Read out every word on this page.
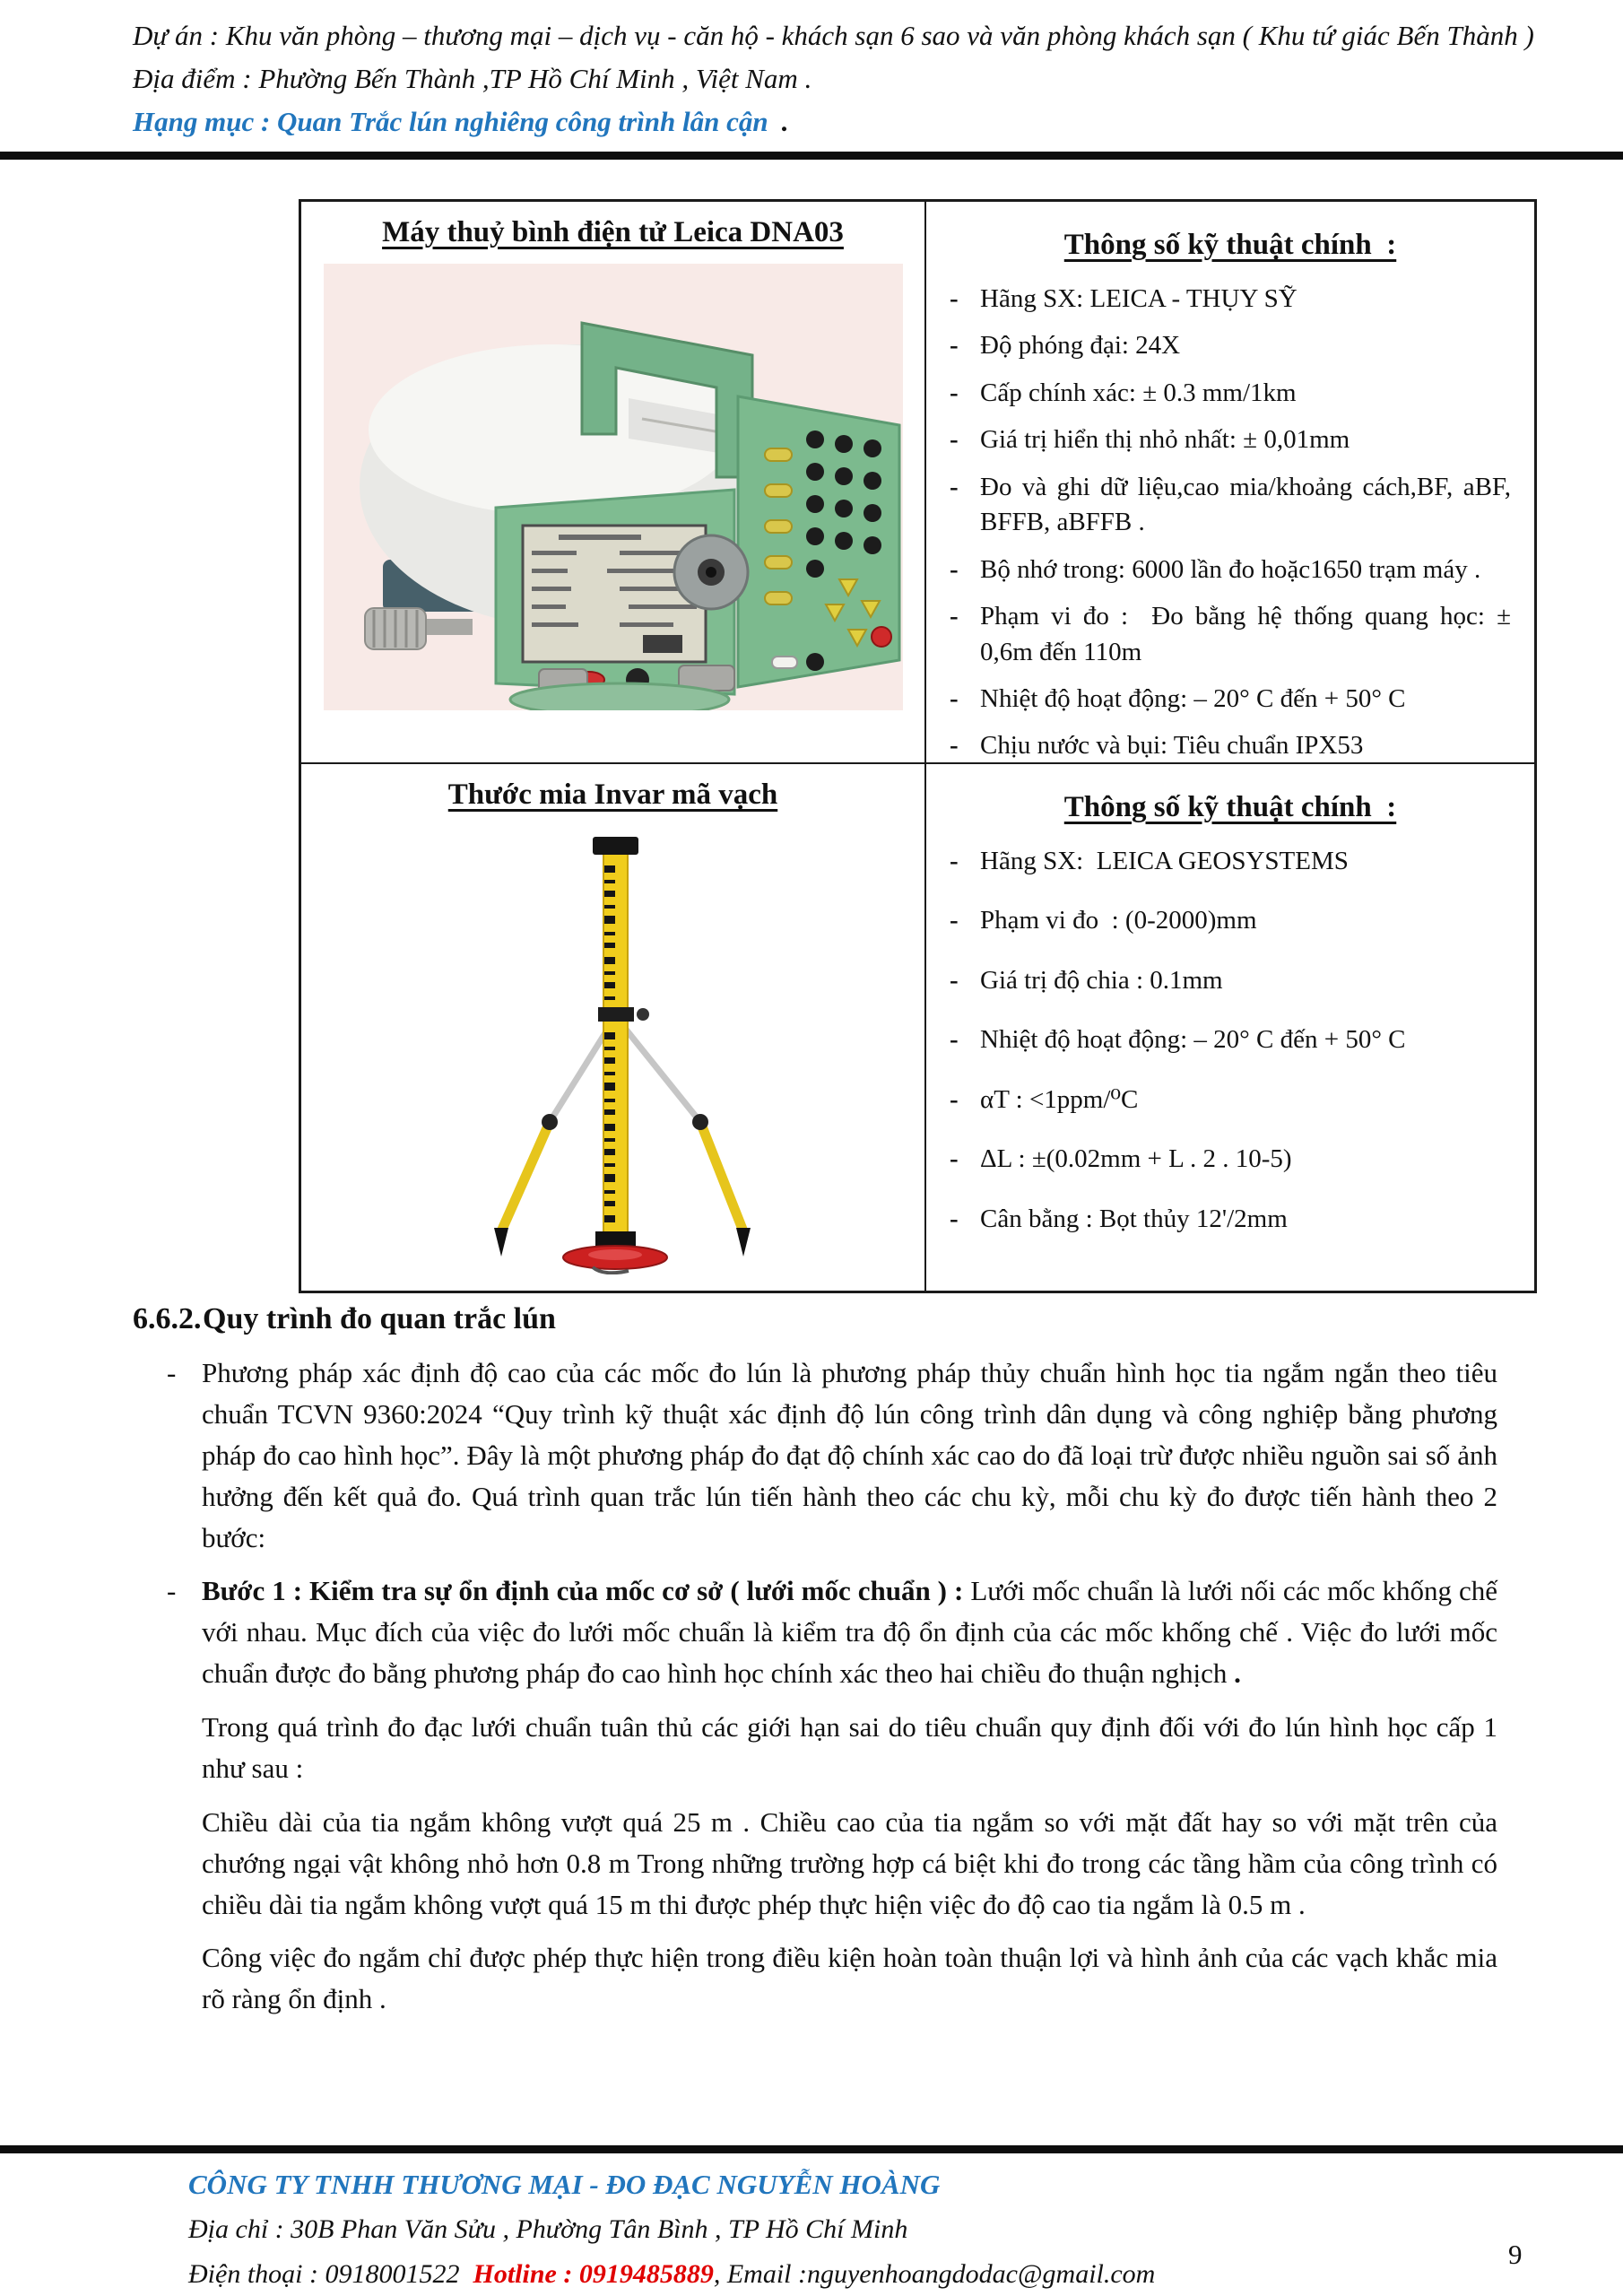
Dự án : Khu văn phòng – thương mại – dịch vụ - căn hộ - khách sạn 6 sao và văn phòng khách sạn ( Khu tứ giác Bến Thành )
Địa điểm : Phường Bến Thành ,TP Hồ Chí Minh , Việt Nam .
Hạng mục : Quan Trắc lún nghiêng công trình lân cận .
Máy thuỷ bình điện tử Leica DNA03	Thông số kỹ thuật chính  :
- Hãng SX: LEICA - THỤY SỸ
- Độ phóng đại: 24X
- Cấp chính xác: ± 0.3 mm/1km
- Giá trị hiển thị nhỏ nhất: ± 0,01mm
- Đo và ghi dữ liệu,cao mia/khoảng cách,BF, aBF, BFFB, aBFFB .
- Bộ nhớ trong: 6000 lần đo hoặc1650 trạm máy .
- Phạm vi đo :  Đo bằng hệ thống quang học: ± 0,6m đến 110m
- Nhiệt độ hoạt động: – 20° C đến + 50° C
- Chịu nước và bụi: Tiêu chuẩn IPX53
Thước mia Invar mã vạch	Thông số kỹ thuật chính  :
- Hãng SX:  LEICA GEOSYSTEMS
- Phạm vi đo  : (0-2000)mm
- Giá trị độ chia : 0.1mm
- Nhiệt độ hoạt động: – 20° C đến + 50° C
- αT : <1ppm/⁰C
- ΔL : ±(0.02mm + L . 2 . 10-5)
- Cân bằng : Bọt thủy 12'/2mm
6.6.2. Quy trình đo quan trắc lún
- Phương pháp xác định độ cao của các mốc đo lún là phương pháp thủy chuẩn hình học tia ngắm ngắn theo tiêu chuẩn TCVN 9360:2024 “Quy trình kỹ thuật xác định độ lún công trình dân dụng và công nghiệp bằng phương pháp đo cao hình học”. Đây là một phương pháp đo đạt độ chính xác cao do đã loại trừ được nhiều nguồn sai số ảnh hưởng đến kết quả đo. Quá trình quan trắc lún tiến hành theo các chu kỳ, mỗi chu kỳ đo được tiến hành theo 2 bước:
- Bước 1 : Kiểm tra sự ổn định của mốc cơ sở ( lưới mốc chuẩn ) : Lưới mốc chuẩn là lưới nối các mốc khống chế với nhau. Mục đích của việc đo lưới mốc chuẩn là kiểm tra độ ổn định của các mốc khống chế . Việc đo lưới mốc chuẩn được đo bằng phương pháp đo cao hình học chính xác theo hai chiều đo thuận nghịch .
Trong quá trình đo đạc lưới chuẩn tuân thủ các giới hạn sai do tiêu chuẩn quy định đối với đo lún hình học cấp 1 như sau :
Chiều dài của tia ngắm không vượt quá 25 m . Chiều cao của tia ngắm so với mặt đất hay so với mặt trên của chướng ngại vật không nhỏ hơn 0.8 m Trong những trường hợp cá biệt khi đo trong các tầng hầm của công trình có chiều dài tia ngắm không vượt quá 15 m thi được phép thực hiện việc đo độ cao tia ngắm là 0.5 m .
Công việc đo ngắm chỉ được phép thực hiện trong điều kiện hoàn toàn thuận lợi và hình ảnh của các vạch khắc mia rõ ràng ổn định .
CÔNG TY TNHH THƯƠNG MẠI - ĐO ĐẠC NGUYỄN HOÀNG
Địa chỉ : 30B Phan Văn Sửu , Phường Tân Bình , TP Hồ Chí Minh
Điện thoại : 0918001522 Hotline : 0919485889, Email :nguyenhoangdodac@gmail.com
9
